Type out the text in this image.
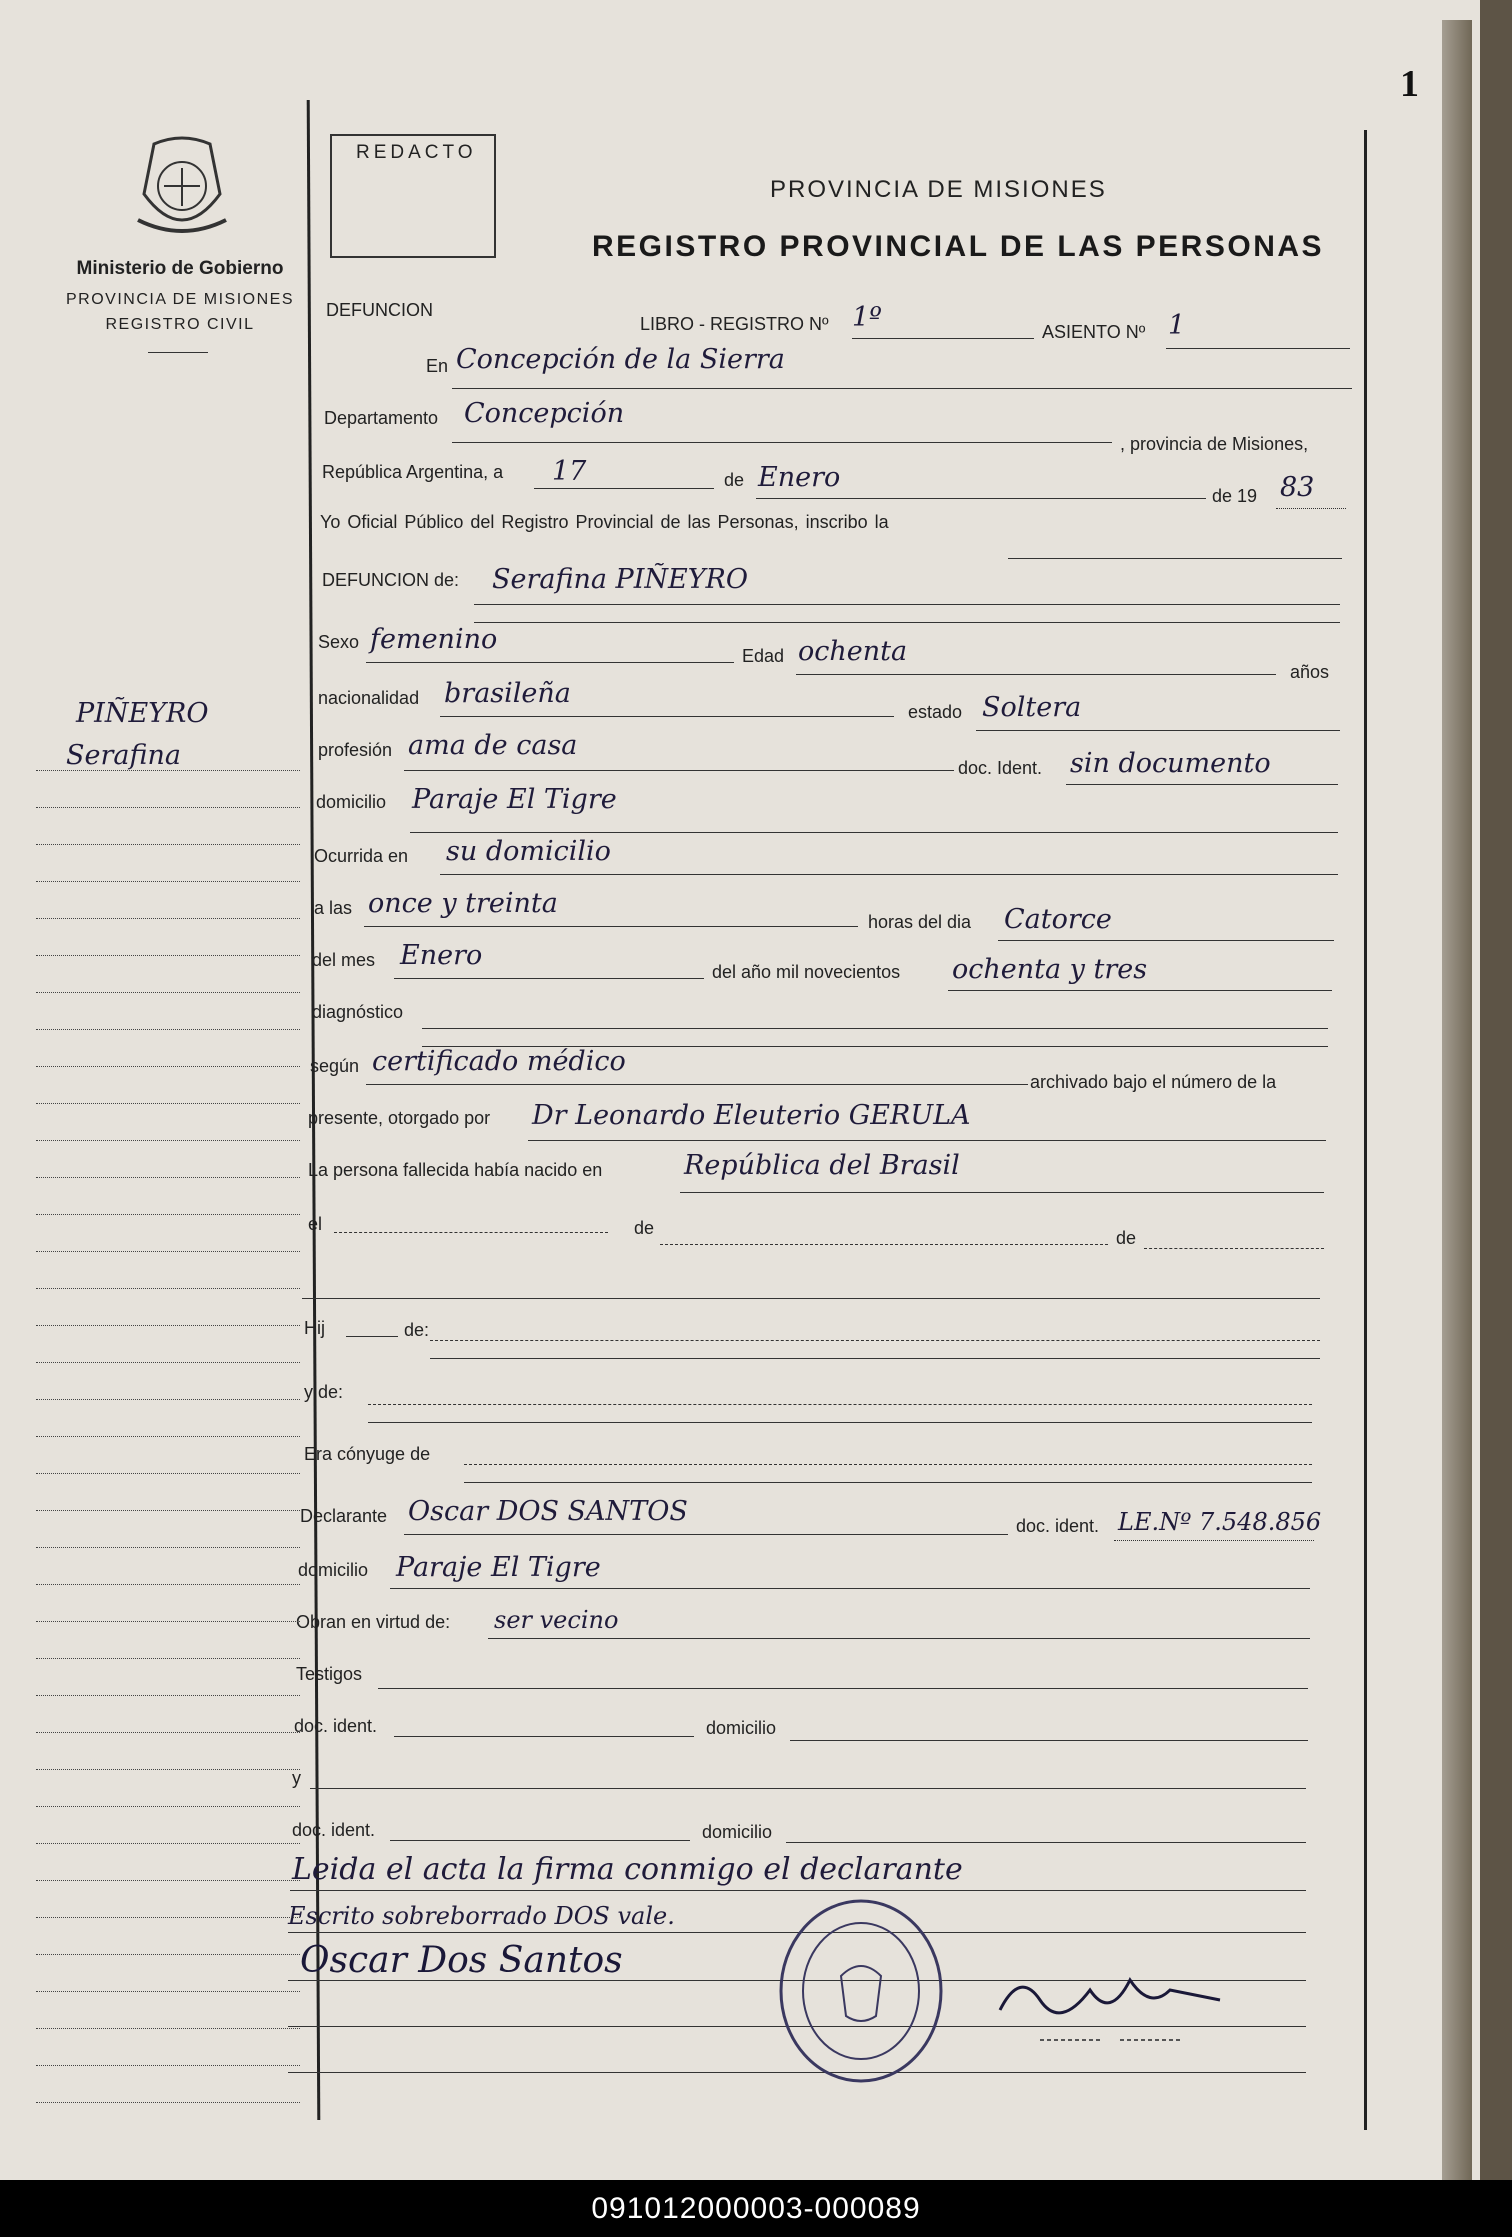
1
Ministerio de Gobierno
PROVINCIA DE MISIONES
REGISTRO CIVIL
REDACTO
PROVINCIA DE MISIONES
REGISTRO PROVINCIAL DE LAS PERSONAS
PIÑEYRO
Serafina
DEFUNCION
LIBRO - REGISTRO Nº 1º	ASIENTO Nº 1
En Concepción de la Sierra
Departamento Concepción
, provincia de Misiones,
República Argentina, a 17	de Enero
de 19 83
Yo Oficial Público del Registro Provincial de las Personas, inscribo la
DEFUNCION de: Serafina PIÑEYRO
Sexo femenino
Edad ochenta
años
nacionalidad brasileña
estado Soltera
profesión ama de casa
doc. Ident. sin documento
domicilio Paraje El Tigre
Ocurrida en su domicilio
a las once y treinta
horas del dia Catorce
del mes Enero
del año mil novecientos ochenta y tres
diagnóstico
según certificado médico
archivado bajo el número de la
presente, otorgado por Dr Leonardo Eleuterio GERULA
La persona fallecida había nacido en	República del Brasil
el	de	de
Hij	de:
y de:
Era cónyuge de
Declarante Oscar DOS SANTOS	doc. ident. LE.Nº 7.548.856
domicilio Paraje El Tigre
Obran en virtud de: ser vecino
Testigos
doc. ident.	domicilio
y
doc. ident.	domicilio
Leida el acta la firma conmigo el declarante
Escrito sobreborrado DOS vale.
Oscar Dos Santos
091012000003-000089
